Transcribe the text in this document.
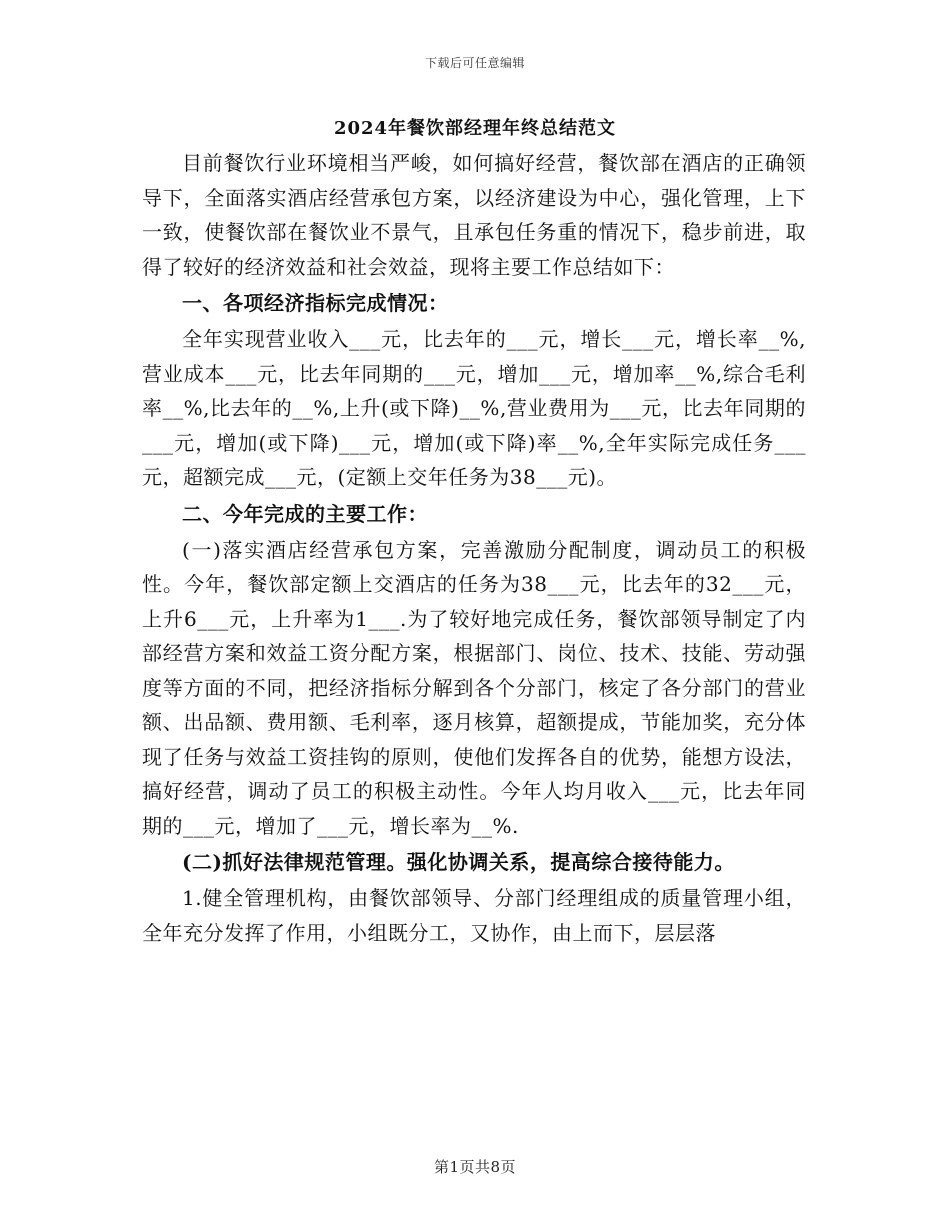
下载后可任意编辑
2024年餐饮部经理年终总结范文

目前餐饮行业环境相当严峻，如何搞好经营，餐饮部在酒店的正确领导下，全面落实酒店经营承包方案，以经济建设为中心，强化管理，上下一致，使餐饮部在餐饮业不景气，且承包任务重的情况下，稳步前进，取得了较好的经济效益和社会效益，现将主要工作总结如下：

一、各项经济指标完成情况：

全年实现营业收入___元，比去年的___元，增长___元，增长率__%,营业成本___元，比去年同期的___元，增加___元，增加率__%,综合毛利率__%,比去年的__%,上升(或下降)__%,营业费用为___元，比去年同期的___元，增加(或下降)___元，增加(或下降)率__%,全年实际完成任务___元，超额完成___元，(定额上交年任务为38___元)。

二、今年完成的主要工作：

(一)落实酒店经营承包方案，完善激励分配制度，调动员工的积极性。今年，餐饮部定额上交酒店的任务为38___元，比去年的32___元，上升6___元，上升率为1___.为了较好地完成任务，餐饮部领导制定了内部经营方案和效益工资分配方案，根据部门、岗位、技术、技能、劳动强度等方面的不同，把经济指标分解到各个分部门，核定了各分部门的营业额、出品额、费用额、毛利率，逐月核算，超额提成，节能加奖，充分体现了任务与效益工资挂钩的原则，使他们发挥各自的优势，能想方设法，搞好经营，调动了员工的积极主动性。今年人均月收入___元，比去年同期的___元，增加了___元，增长率为__%.

(二)抓好法律规范管理。强化协调关系，提高综合接待能力。

1.健全管理机构，由餐饮部领导、分部门经理组成的质量管理小组，全年充分发挥了作用，小组既分工，又协作，由上而下，层层落

第1页共8页
